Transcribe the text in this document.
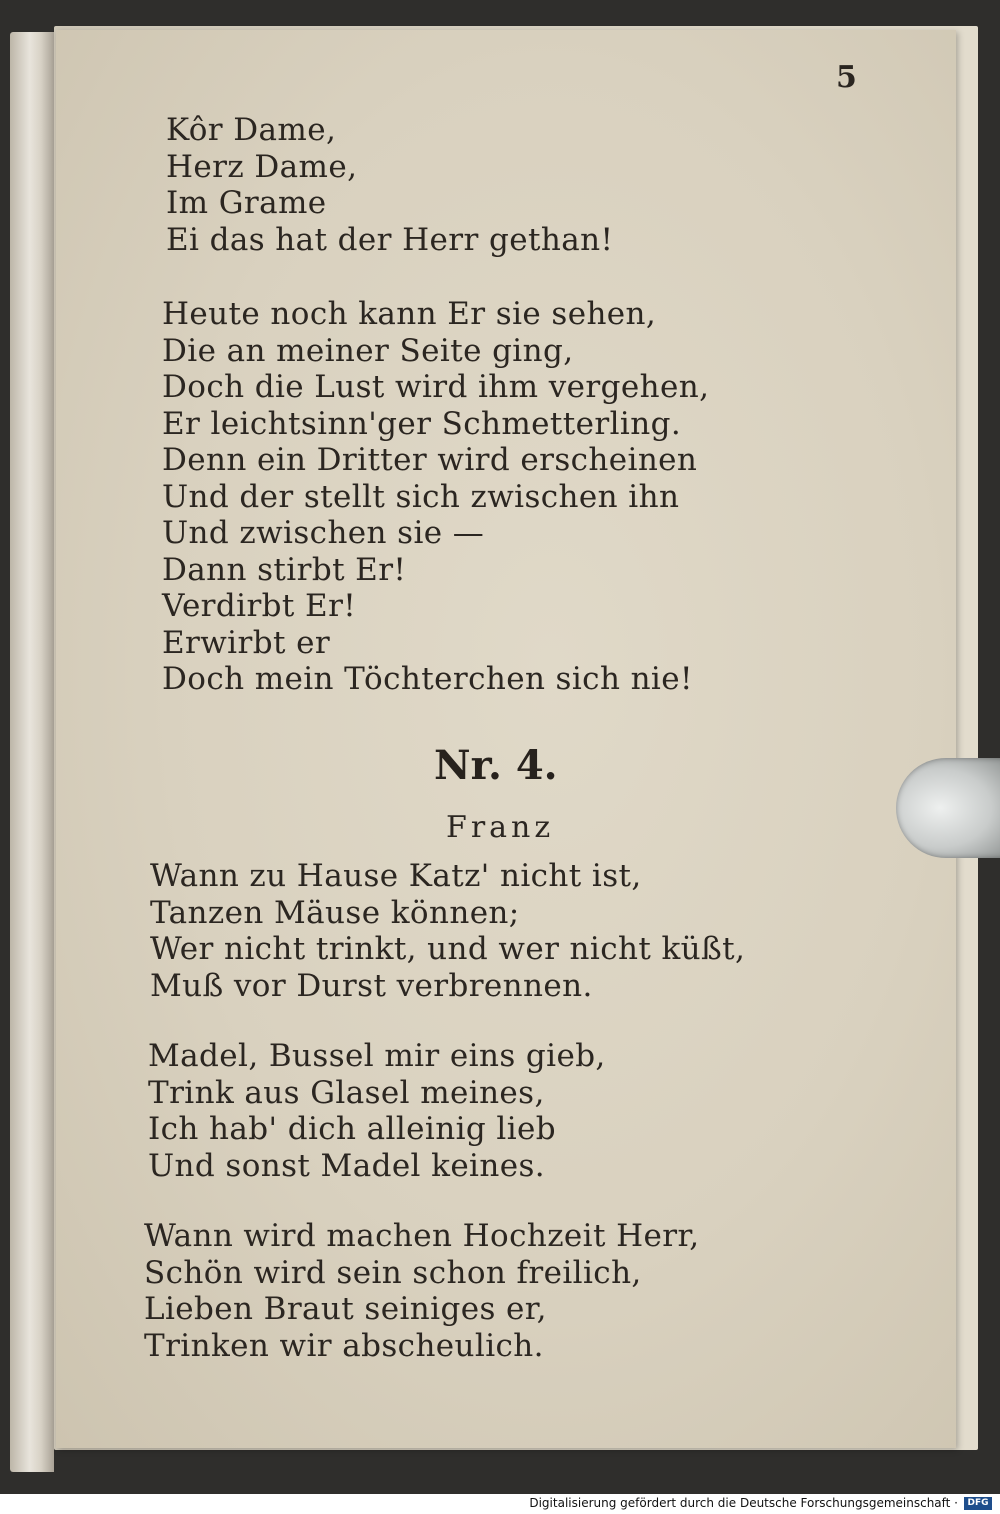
5
Kôr Dame,
Herz Dame,
Im Grame
Ei das hat der Herr gethan!
Heute noch kann Er sie sehen,
Die an meiner Seite ging,
Doch die Lust wird ihm vergehen,
Er leichtsinn'ger Schmetterling.
Denn ein Dritter wird erscheinen
Und der stellt sich zwischen ihn
Und zwischen sie —
Dann stirbt Er!
Verdirbt Er!
Erwirbt er
Doch mein Töchterchen sich nie!
Nr. 4.
Franz
Wann zu Hause Katz' nicht ist,
Tanzen Mäuse können;
Wer nicht trinkt, und wer nicht küßt,
Muß vor Durst verbrennen.
Madel, Bussel mir eins gieb,
Trink aus Glasel meines,
Ich hab' dich alleinig lieb
Und sonst Madel keines.
Wann wird machen Hochzeit Herr,
Schön wird sein schon freilich,
Lieben Braut seiniges er,
Trinken wir abscheulich.
Digitalisierung gefördert durch die Deutsche Forschungsgemeinschaft ·	DFG
